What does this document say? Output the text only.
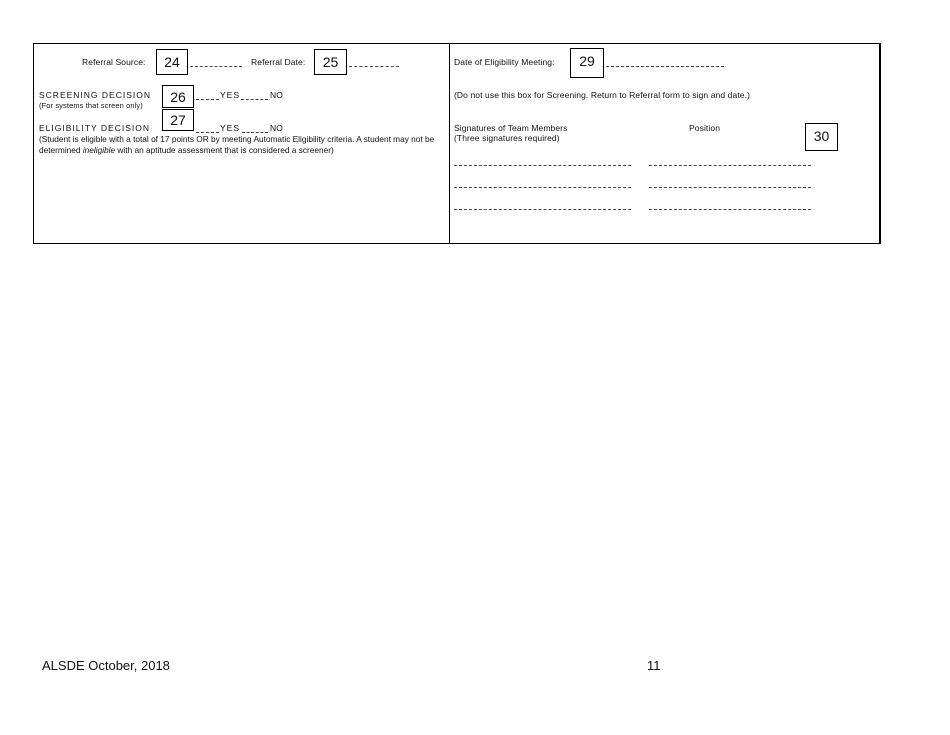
Referral Source:	24	Referral Date:	25
SCREENING DECISION
(For systems that screen only)
26	YES	NO
ELIGIBILITY DECISION	27	YES	NO
(Student is eligible with a total of 17 points OR by meeting Automatic Eligibility criteria. A student may not be determined ineligible with an aptitude assessment that is considered a screener)
Date of Eligibility Meeting:	29
(Do not use this box for Screening. Return to Referral form to sign and date.)
Signatures of Team Members
(Three signatures required)
Position	30
ALSDE October, 2018	11
